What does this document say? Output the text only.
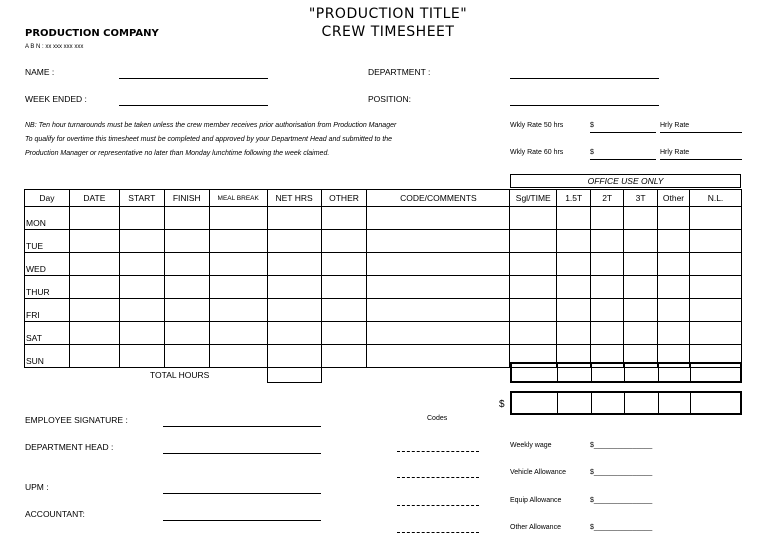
"PRODUCTION TITLE"
CREW TIMESHEET
PRODUCTION COMPANY
A B N : xx xxx xxx xxx
NAME :	DEPARTMENT :
WEEK ENDED :	POSITION:
NB: Ten hour turnarounds must be taken unless the crew member receives prior authorisation from Production Manager
To qualify for overtime this timesheet must be completed and approved by your Department Head and submitted to the
Production Manager or representative no later than Monday lunchtime following the week claimed.
Wkly Rate 50 hrs	$	Hrly Rate
Wkly Rate 60 hrs	$	Hrly Rate
OFFICE USE ONLY
Day	DATE	START	FINISH	MEAL BREAK	NET HRS	OTHER	CODE/COMMENTS	Sgl/TIME	1.5T	2T	3T	Other	N.L.
MON													
TUE													
WED													
THUR													
FRI													
SAT													
SUN													
TOTAL HOURS
$
EMPLOYEE SIGNATURE :
DEPARTMENT HEAD :
UPM :
ACCOUNTANT:
Codes
Weekly wage	$_______________
Vehicle Allowance	$_______________
Equip Allowance	$_______________
Other Allowance	$_______________
